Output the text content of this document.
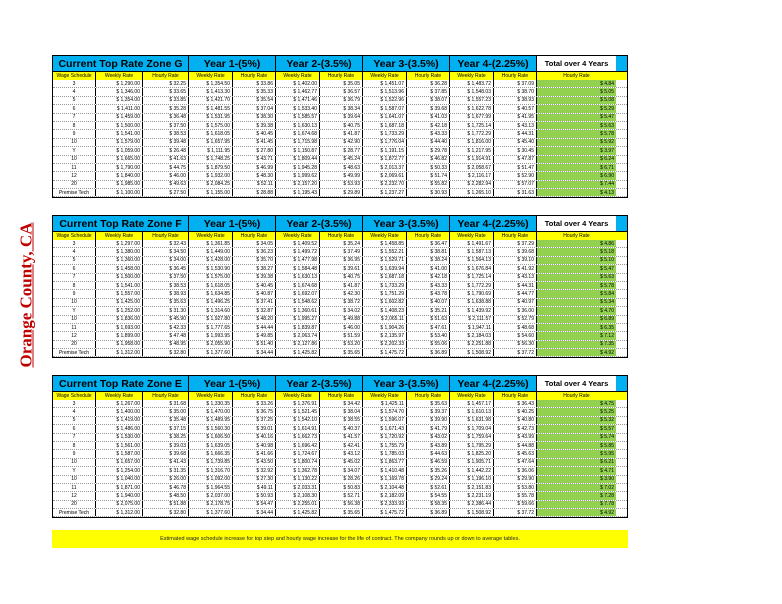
Orange County, CA
Current Top Rate Zone G	Year 1-(5%)	Year 2-(3.5%)	Year 3-(3.5%)	Year 4-(2.25%)	Total over 4 Years
Wage Schedule	Weekly Rate	Hourly Rate	Weekly Rate	Hourly Rate	Weekly Rate	Hourly Rate	Weekly Rate	Hourly Rate	Weekly Rate	Hourly Rate	Hourly Rate
3	$ 1,290.00	$ 32.25	$ 1,354.50	$ 33.86	$ 1,402.00	$ 35.05	$ 1,451.07	$ 36.28	$ 1,483.72	$ 37.09	$ 4.84
4	$ 1,346.00	$ 33.65	$ 1,413.30	$ 35.33	$ 1,462.77	$ 36.57	$ 1,513.96	$ 37.85	$ 1,548.03	$ 38.70	$ 5.05
5	$ 1,354.00	$ 33.85	$ 1,421.70	$ 35.54	$ 1,471.46	$ 36.79	$ 1,522.96	$ 38.07	$ 1,557.23	$ 38.93	$ 5.08
6	$ 1,411.00	$ 35.28	$ 1,481.55	$ 37.04	$ 1,533.40	$ 38.34	$ 1,587.07	$ 39.68	$ 1,622.78	$ 40.57	$ 5.29
7	$ 1,459.00	$ 36.48	$ 1,531.95	$ 38.30	$ 1,585.57	$ 39.64	$ 1,641.07	$ 41.03	$ 1,677.99	$ 41.95	$ 5.47
8	$ 1,500.00	$ 37.50	$ 1,575.00	$ 39.38	$ 1,630.13	$ 40.75	$ 1,687.18	$ 42.18	$ 1,725.14	$ 43.13	$ 5.63
9	$ 1,541.00	$ 38.53	$ 1,618.05	$ 40.45	$ 1,674.68	$ 41.87	$ 1,733.29	$ 43.33	$ 1,772.29	$ 44.31	$ 5.78
10	$ 1,579.00	$ 39.48	$ 1,657.95	$ 41.45	$ 1,715.98	$ 42.90	$ 1,776.04	$ 44.40	$ 1,816.00	$ 45.40	$ 5.92
Y	$ 1,059.00	$ 26.48	$ 1,111.95	$ 27.80	$ 1,150.87	$ 28.77	$ 1,191.15	$ 29.78	$ 1,217.95	$ 30.45	$ 3.97
10	$ 1,665.00	$ 41.63	$ 1,748.25	$ 43.71	$ 1,809.44	$ 45.24	$ 1,872.77	$ 46.82	$ 1,914.91	$ 47.87	$ 6.24
11	$ 1,790.00	$ 44.75	$ 1,879.50	$ 46.99	$ 1,945.28	$ 48.63	$ 2,013.37	$ 50.33	$ 2,058.67	$ 51.47	$ 6.71
12	$ 1,840.00	$ 46.00	$ 1,932.00	$ 48.30	$ 1,999.62	$ 49.99	$ 2,069.61	$ 51.74	$ 2,116.17	$ 52.90	$ 6.90
20	$ 1,985.00	$ 49.63	$ 2,084.25	$ 52.11	$ 2,157.20	$ 53.93	$ 2,232.70	$ 55.82	$ 2,282.94	$ 57.07	$ 7.44
Premise Tech	$ 1,100.00	$ 27.50	$ 1,155.00	$ 28.88	$ 1,195.43	$ 29.89	$ 1,237.27	$ 30.93	$ 1,265.10	$ 31.63	$ 4.13
Current Top Rate Zone F	Year 1-(5%)	Year 2-(3.5%)	Year 3-(3.5%)	Year 4-(2.25%)	Total over 4 Years
Wage Schedule	Weekly Rate	Hourly Rate	Weekly Rate	Hourly Rate	Weekly Rate	Hourly Rate	Weekly Rate	Hourly Rate	Weekly Rate	Hourly Rate	Hourly Rate
3	$ 1,297.00	$ 32.43	$ 1,361.85	$ 34.05	$ 1,409.52	$ 35.24	$ 1,458.85	$ 36.47	$ 1,491.67	$ 37.29	$ 4.86
4	$ 1,380.00	$ 34.50	$ 1,449.00	$ 36.23	$ 1,499.72	$ 37.49	$ 1,552.21	$ 38.81	$ 1,587.13	$ 39.68	$ 5.18
5	$ 1,360.00	$ 34.00	$ 1,428.00	$ 35.70	$ 1,477.98	$ 36.95	$ 1,529.71	$ 38.24	$ 1,564.13	$ 39.10	$ 5.10
6	$ 1,458.00	$ 36.45	$ 1,530.90	$ 38.27	$ 1,584.48	$ 39.61	$ 1,639.94	$ 41.00	$ 1,676.84	$ 41.92	$ 5.47
7	$ 1,500.00	$ 37.50	$ 1,575.00	$ 39.38	$ 1,630.13	$ 40.75	$ 1,687.18	$ 42.18	$ 1,725.14	$ 43.13	$ 5.63
8	$ 1,541.00	$ 38.53	$ 1,618.05	$ 40.45	$ 1,674.68	$ 41.87	$ 1,733.29	$ 43.33	$ 1,772.29	$ 44.31	$ 5.78
9	$ 1,557.00	$ 38.93	$ 1,634.85	$ 40.87	$ 1,692.07	$ 42.30	$ 1,751.29	$ 43.78	$ 1,790.69	$ 44.77	$ 5.84
10	$ 1,425.00	$ 35.63	$ 1,496.25	$ 37.41	$ 1,548.62	$ 38.72	$ 1,602.82	$ 40.07	$ 1,638.88	$ 40.97	$ 5.34
Y	$ 1,252.00	$ 31.30	$ 1,314.60	$ 32.87	$ 1,360.61	$ 34.02	$ 1,408.23	$ 35.21	$ 1,439.92	$ 36.00	$ 4.70
10	$ 1,836.00	$ 45.90	$ 1,927.80	$ 48.20	$ 1,995.27	$ 49.88	$ 2,065.11	$ 51.63	$ 2,111.57	$ 52.79	$ 6.89
11	$ 1,693.00	$ 42.33	$ 1,777.65	$ 44.44	$ 1,839.87	$ 46.00	$ 1,904.26	$ 47.61	$ 1,947.11	$ 48.68	$ 6.35
12	$ 1,899.00	$ 47.48	$ 1,993.95	$ 49.85	$ 2,063.74	$ 51.59	$ 2,135.97	$ 53.40	$ 2,184.03	$ 54.60	$ 7.12
20	$ 1,958.00	$ 48.95	$ 2,055.90	$ 51.40	$ 2,127.86	$ 53.20	$ 2,202.33	$ 55.06	$ 2,251.88	$ 56.30	$ 7.35
Premise Tech	$ 1,312.00	$ 32.80	$ 1,377.60	$ 34.44	$ 1,425.82	$ 35.65	$ 1,475.72	$ 36.89	$ 1,508.92	$ 37.72	$ 4.92
Current Top Rate Zone E	Year 1-(5%)	Year 2-(3.5%)	Year 3-(3.5%)	Year 4-(2.25%)	Total over 4 Years
Wage Schedule	Weekly Rate	Hourly Rate	Weekly Rate	Hourly Rate	Weekly Rate	Hourly Rate	Weekly Rate	Hourly Rate	Weekly Rate	Hourly Rate	Hourly Rate
3	$ 1,267.00	$ 31.68	$ 1,330.35	$ 33.26	$ 1,376.91	$ 34.42	$ 1,425.11	$ 35.63	$ 1,457.17	$ 36.43	$ 4.75
4	$ 1,400.00	$ 35.00	$ 1,470.00	$ 36.75	$ 1,521.45	$ 38.04	$ 1,574.70	$ 39.37	$ 1,610.13	$ 40.25	$ 5.25
5	$ 1,419.00	$ 35.48	$ 1,489.95	$ 37.25	$ 1,542.10	$ 38.55	$ 1,596.07	$ 39.90	$ 1,631.98	$ 40.80	$ 5.32
6	$ 1,486.00	$ 37.15	$ 1,560.30	$ 39.01	$ 1,614.91	$ 40.37	$ 1,671.43	$ 41.79	$ 1,709.04	$ 42.73	$ 5.57
7	$ 1,530.00	$ 38.25	$ 1,606.50	$ 40.16	$ 1,662.73	$ 41.57	$ 1,720.92	$ 43.02	$ 1,759.64	$ 43.99	$ 5.74
8	$ 1,561.00	$ 39.03	$ 1,639.05	$ 40.98	$ 1,696.42	$ 42.41	$ 1,755.79	$ 43.89	$ 1,795.29	$ 44.88	$ 5.85
9	$ 1,587.00	$ 39.68	$ 1,666.35	$ 41.66	$ 1,724.67	$ 43.12	$ 1,785.03	$ 44.63	$ 1,825.20	$ 45.63	$ 5.95
10	$ 1,657.00	$ 41.43	$ 1,739.85	$ 43.50	$ 1,800.74	$ 45.02	$ 1,863.77	$ 46.59	$ 1,905.71	$ 47.64	$ 6.21
Y	$ 1,254.00	$ 31.35	$ 1,316.70	$ 32.92	$ 1,362.78	$ 34.07	$ 1,410.48	$ 35.26	$ 1,442.22	$ 36.06	$ 4.71
10	$ 1,040.00	$ 26.00	$ 1,092.00	$ 27.30	$ 1,130.22	$ 28.26	$ 1,169.78	$ 29.24	$ 1,196.10	$ 29.90	$ 3.90
11	$ 1,871.00	$ 46.78	$ 1,964.55	$ 49.11	$ 2,033.31	$ 50.83	$ 2,104.48	$ 52.61	$ 2,151.83	$ 53.80	$ 7.02
12	$ 1,940.00	$ 48.50	$ 2,037.00	$ 50.93	$ 2,108.30	$ 52.71	$ 2,182.09	$ 54.55	$ 2,231.19	$ 55.78	$ 7.28
20	$ 2,075.00	$ 51.88	$ 2,178.75	$ 54.47	$ 2,255.01	$ 56.38	$ 2,333.93	$ 58.35	$ 2,386.44	$ 59.66	$ 7.78
Premise Tech	$ 1,312.00	$ 32.80	$ 1,377.60	$ 34.44	$ 1,425.82	$ 35.65	$ 1,475.72	$ 36.89	$ 1,508.92	$ 37.72	$ 4.92
Estimated wage schedule increase for top step and hourly wage increase for the life of contract. The company rounds up or down to average tables.
